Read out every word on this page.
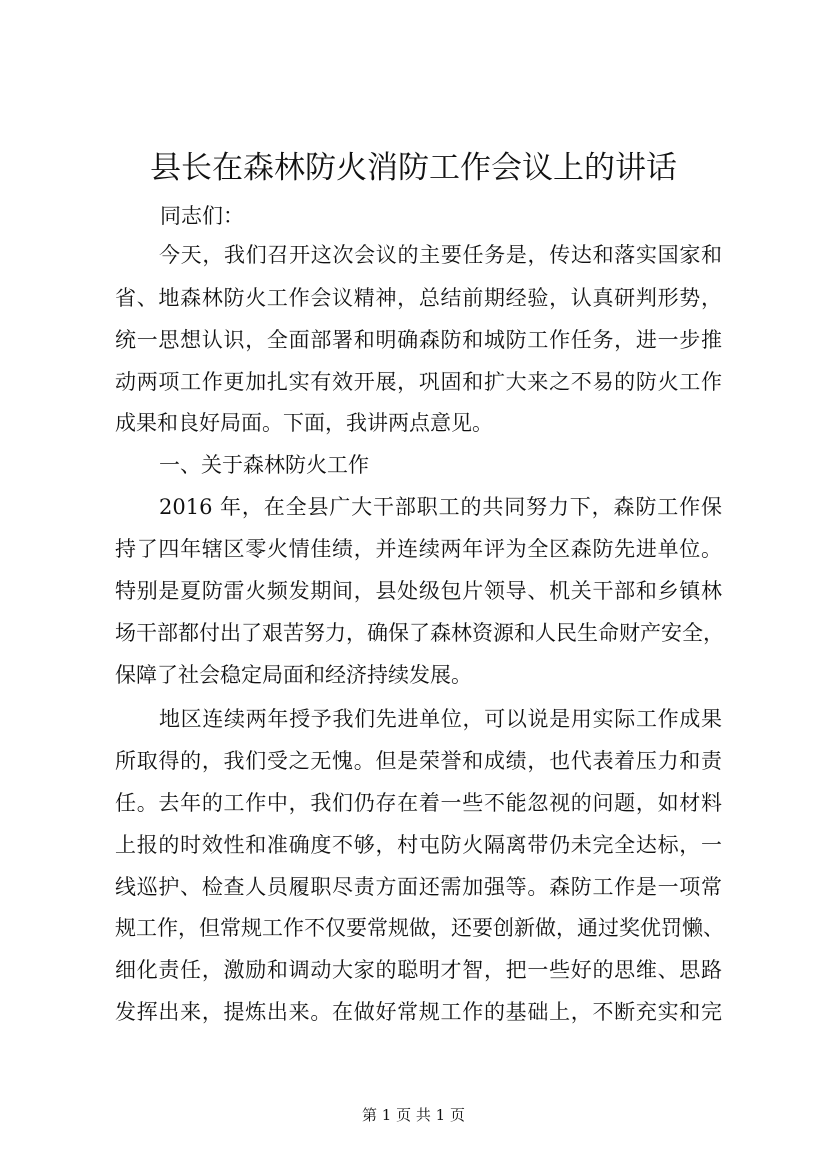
县长在森林防火消防工作会议上的讲话
同志们：
今天，我们召开这次会议的主要任务是，传达和落实国家和
省、地森林防火工作会议精神，总结前期经验，认真研判形势，
统一思想认识，全面部署和明确森防和城防工作任务，进一步推
动两项工作更加扎实有效开展，巩固和扩大来之不易的防火工作
成果和良好局面。下面，我讲两点意见。
一、关于森林防火工作
2016 年，在全县广大干部职工的共同努力下，森防工作保
持了四年辖区零火情佳绩，并连续两年评为全区森防先进单位。
特别是夏防雷火频发期间，县处级包片领导、机关干部和乡镇林
场干部都付出了艰苦努力，确保了森林资源和人民生命财产安全，
保障了社会稳定局面和经济持续发展。
地区连续两年授予我们先进单位，可以说是用实际工作成果
所取得的，我们受之无愧。但是荣誉和成绩，也代表着压力和责
任。去年的工作中，我们仍存在着一些不能忽视的问题，如材料
上报的时效性和准确度不够，村屯防火隔离带仍未完全达标，一
线巡护、检查人员履职尽责方面还需加强等。森防工作是一项常
规工作，但常规工作不仅要常规做，还要创新做，通过奖优罚懒、
细化责任，激励和调动大家的聪明才智，把一些好的思维、思路
发挥出来，提炼出来。在做好常规工作的基础上，不断充实和完
第 1 页 共 1 页
